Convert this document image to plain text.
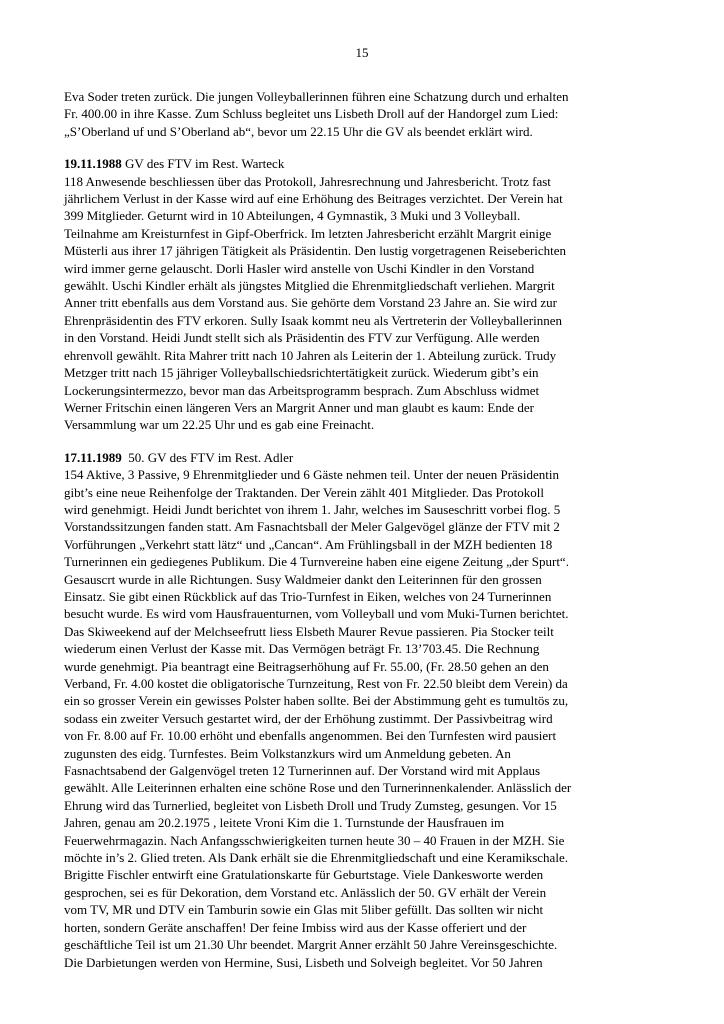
15

Eva Soder treten zurück. Die jungen Volleyballerinnen führen eine Schatzung durch und erhalten
Fr. 400.00 in ihre Kasse. Zum Schluss begleitet uns Lisbeth Droll auf der Handorgel zum Lied:
„S’Oberland uf und S’Oberland ab“, bevor um 22.15 Uhr die GV als beendet erklärt wird.

19.11.1988 GV des FTV im Rest. Warteck
118 Anwesende beschliessen über das Protokoll, Jahresrechnung und Jahresbericht. Trotz fast
jährlichem Verlust in der Kasse wird auf eine Erhöhung des Beitrages verzichtet. Der Verein hat
399 Mitglieder. Geturnt wird in 10 Abteilungen, 4 Gymnastik, 3 Muki und 3 Volleyball.
Teilnahme am Kreisturnfest in Gipf-Oberfrick. Im letzten Jahresbericht erzählt Margrit einige
Müsterli aus ihrer 17 jährigen Tätigkeit als Präsidentin. Den lustig vorgetragenen Reiseberichten
wird immer gerne gelauscht. Dorli Hasler wird anstelle von Uschi Kindler in den Vorstand
gewählt. Uschi Kindler erhält als jüngstes Mitglied die Ehrenmitgliedschaft verliehen. Margrit
Anner tritt ebenfalls aus dem Vorstand aus. Sie gehörte dem Vorstand 23 Jahre an. Sie wird zur
Ehrenpräsidentin des FTV erkoren. Sully Isaak kommt neu als Vertreterin der Volleyballerinnen
in den Vorstand. Heidi Jundt stellt sich als Präsidentin des FTV zur Verfügung. Alle werden
ehrenvoll gewählt. Rita Mahrer tritt nach 10 Jahren als Leiterin der 1. Abteilung zurück. Trudy
Metzger tritt nach 15 jähriger Volleyballschiedsrichtertätigkeit zurück. Wiederum gibt’s ein
Lockerungsintermezzo, bevor man das Arbeitsprogramm besprach. Zum Abschluss widmet
Werner Fritschin einen längeren Vers an Margrit Anner und man glaubt es kaum: Ende der
Versammlung war um 22.25 Uhr und es gab eine Freinacht.

17.11.1989  50. GV des FTV im Rest. Adler
154 Aktive, 3 Passive, 9 Ehrenmitglieder und 6 Gäste nehmen teil. Unter der neuen Präsidentin
gibt’s eine neue Reihenfolge der Traktanden. Der Verein zählt 401 Mitglieder. Das Protokoll
wird genehmigt. Heidi Jundt berichtet von ihrem 1. Jahr, welches im Sauseschritt vorbei flog. 5
Vorstandssitzungen fanden statt. Am Fasnachtsball der Meler Galgevögel glänze der FTV mit 2
Vorführungen „Verkehrt statt lätz“ und „Cancan“. Am Frühlingsball in der MZH bedienten 18
Turnerinnen ein gediegenes Publikum. Die 4 Turnvereine haben eine eigene Zeitung „der Spurt“.
Gesauscrt wurde in alle Richtungen. Susy Waldmeier dankt den Leiterinnen für den grossen
Einsatz. Sie gibt einen Rückblick auf das Trio-Turnfest in Eiken, welches von 24 Turnerinnen
besucht wurde. Es wird vom Hausfrauenturnen, vom Volleyball und vom Muki-Turnen berichtet.
Das Skiweekend auf der Melchseefrutt liess Elsbeth Maurer Revue passieren. Pia Stocker teilt
wiederum einen Verlust der Kasse mit. Das Vermögen beträgt Fr. 13’703.45. Die Rechnung
wurde genehmigt. Pia beantragt eine Beitragserhöhung auf Fr. 55.00, (Fr. 28.50 gehen an den
Verband, Fr. 4.00 kostet die obligatorische Turnzeitung, Rest von Fr. 22.50 bleibt dem Verein) da
ein so grosser Verein ein gewisses Polster haben sollte. Bei der Abstimmung geht es tumultös zu,
sodass ein zweiter Versuch gestartet wird, der der Erhöhung zustimmt. Der Passivbeitrag wird
von Fr. 8.00 auf Fr. 10.00 erhöht und ebenfalls angenommen. Bei den Turnfesten wird pausiert
zugunsten des eidg. Turnfestes. Beim Volkstanzkurs wird um Anmeldung gebeten. An
Fasnachtsabend der Galgenvögel treten 12 Turnerinnen auf. Der Vorstand wird mit Applaus
gewählt. Alle Leiterinnen erhalten eine schöne Rose und den Turnerinnenkalender. Anlässlich der
Ehrung wird das Turnerlied, begleitet von Lisbeth Droll und Trudy Zumsteg, gesungen. Vor 15
Jahren, genau am 20.2.1975 , leitete Vroni Kim die 1. Turnstunde der Hausfrauen im
Feuerwehrmagazin. Nach Anfangsschwierigkeiten turnen heute 30 – 40 Frauen in der MZH. Sie
möchte in’s 2. Glied treten. Als Dank erhält sie die Ehrenmitgliedschaft und eine Keramikschale.
Brigitte Fischler entwirft eine Gratulationskarte für Geburtstage. Viele Dankesworte werden
gesprochen, sei es für Dekoration, dem Vorstand etc. Anlässlich der 50. GV erhält der Verein
vom TV, MR und DTV ein Tamburin sowie ein Glas mit 5liber gefüllt. Das sollten wir nicht
horten, sondern Geräte anschaffen! Der feine Imbiss wird aus der Kasse offeriert und der
geschäftliche Teil ist um 21.30 Uhr beendet. Margrit Anner erzählt 50 Jahre Vereinsgeschichte.
Die Darbietungen werden von Hermine, Susi, Lisbeth und Solveigh begleitet. Vor 50 Jahren
